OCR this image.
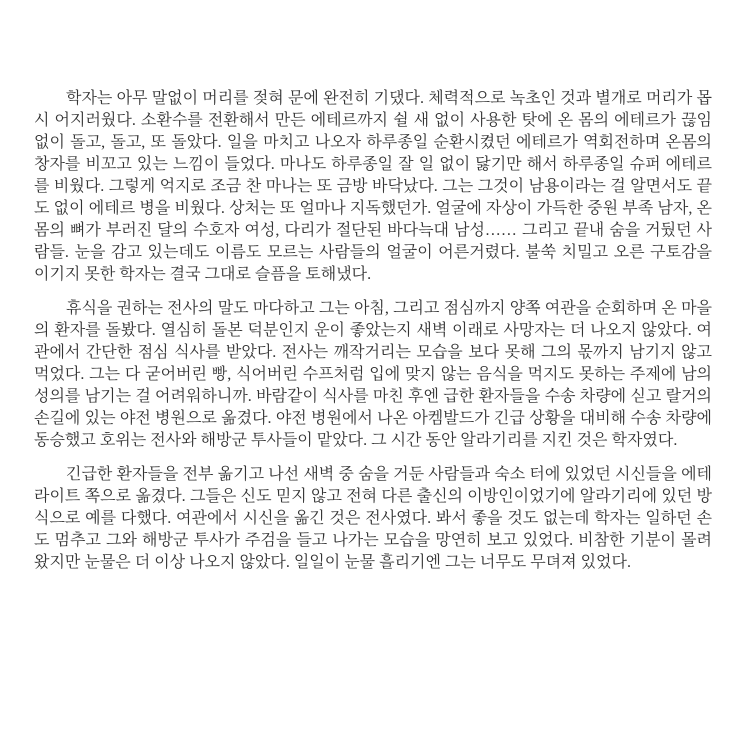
학자는 아무 말없이 머리를 젖혀 문에 완전히 기댔다. 체력적으로 녹초인 것과 별개로 머리가 몹시 어지러웠다. 소환수를 전환해서 만든 에테르까지 쉴 새 없이 사용한 탓에 온 몸의 에테르가 끊임없이 돌고, 돌고, 또 돌았다. 일을 마치고 나오자 하루종일 순환시켰던 에테르가 역회전하며 온몸의 창자를 비꼬고 있는 느낌이 들었다. 마나도 하루종일 잘 일 없이 닳기만 해서 하루종일 슈퍼 에테르를 비웠다. 그렇게 억지로 조금 찬 마나는 또 금방 바닥났다. 그는 그것이 남용이라는 걸 알면서도 끝도 없이 에테르 병을 비웠다. 상처는 또 얼마나 지독했던가. 얼굴에 자상이 가득한 중원 부족 남자, 온 몸의 뼈가 부러진 달의 수호자 여성, 다리가 절단된 바다늑대 남성…… 그리고 끝내 숨을 거뒀던 사람들. 눈을 감고 있는데도 이름도 모르는 사람들의 얼굴이 어른거렸다. 불쑥 치밀고 오른 구토감을 이기지 못한 학자는 결국 그대로 슬픔을 토해냈다.

휴식을 권하는 전사의 말도 마다하고 그는 아침, 그리고 점심까지 양쪽 여관을 순회하며 온 마을의 환자를 돌봤다. 열심히 돌본 덕분인지 운이 좋았는지 새벽 이래로 사망자는 더 나오지 않았다. 여관에서 간단한 점심 식사를 받았다. 전사는 깨작거리는 모습을 보다 못해 그의 몫까지 남기지 않고 먹었다. 그는 다 굳어버린 빵, 식어버린 수프처럼 입에 맞지 않는 음식을 먹지도 못하는 주제에 남의 성의를 남기는 걸 어려워하니까. 바람같이 식사를 마친 후엔 급한 환자들을 수송 차량에 싣고 랄거의 손길에 있는 야전 병원으로 옮겼다. 야전 병원에서 나온 아켐발드가 긴급 상황을 대비해 수송 차량에 동승했고 호위는 전사와 해방군 투사들이 맡았다. 그 시간 동안 알라기리를 지킨 것은 학자였다.

긴급한 환자들을 전부 옮기고 나선 새벽 중 숨을 거둔 사람들과 숙소 터에 있었던 시신들을 에테라이트 쪽으로 옮겼다. 그들은 신도 믿지 않고 전혀 다른 출신의 이방인이었기에 알라기리에 있던 방식으로 예를 다했다. 여관에서 시신을 옮긴 것은 전사였다. 봐서 좋을 것도 없는데 학자는 일하던 손도 멈추고 그와 해방군 투사가 주검을 들고 나가는 모습을 망연히 보고 있었다. 비참한 기분이 몰려왔지만 눈물은 더 이상 나오지 않았다. 일일이 눈물 흘리기엔 그는 너무도 무뎌져 있었다.
